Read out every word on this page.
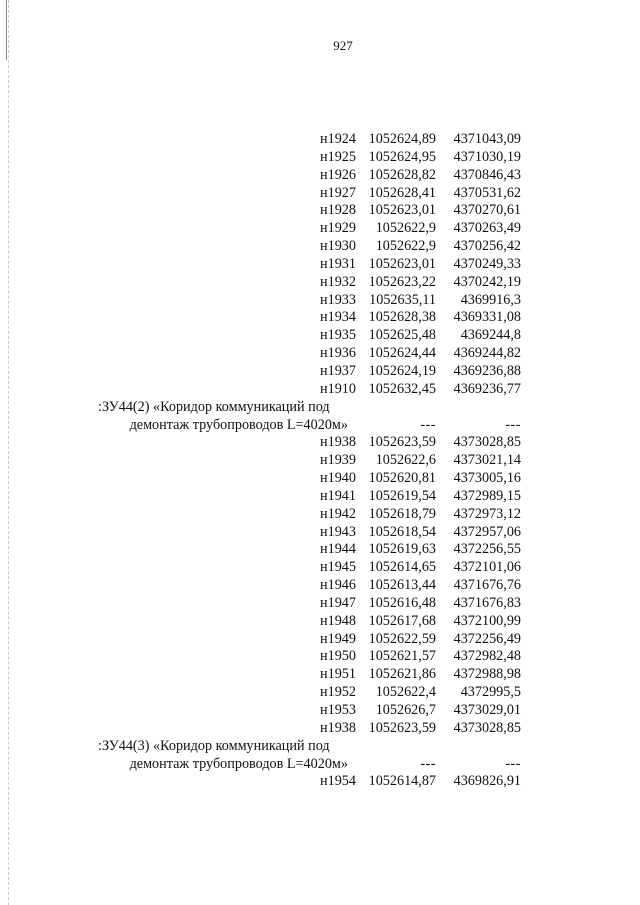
927
н1924 1052624,89 4371043,09
н1925 1052624,95 4371030,19
н1926 1052628,82 4370846,43
н1927 1052628,41 4370531,62
н1928 1052623,01 4370270,61
н1929 1052622,9 4370263,49
н1930 1052622,9 4370256,42
н1931 1052623,01 4370249,33
н1932 1052623,22 4370242,19
н1933 1052635,11 4369916,3
н1934 1052628,38 4369331,08
н1935 1052625,48 4369244,8
н1936 1052624,44 4369244,82
н1937 1052624,19 4369236,88
н1910 1052632,45 4369236,77
:ЗУ44(2) «Коридор коммуникаций под
демонтаж трубопроводов L=4020м»	---	---
н1938 1052623,59 4373028,85
н1939 1052622,6 4373021,14
н1940 1052620,81 4373005,16
н1941 1052619,54 4372989,15
н1942 1052618,79 4372973,12
н1943 1052618,54 4372957,06
н1944 1052619,63 4372256,55
н1945 1052614,65 4372101,06
н1946 1052613,44 4371676,76
н1947 1052616,48 4371676,83
н1948 1052617,68 4372100,99
н1949 1052622,59 4372256,49
н1950 1052621,57 4372982,48
н1951 1052621,86 4372988,98
н1952 1052622,4 4372995,5
н1953 1052626,7 4373029,01
н1938 1052623,59 4373028,85
:ЗУ44(3) «Коридор коммуникаций под
демонтаж трубопроводов L=4020м»	---	---
н1954 1052614,87 4369826,91
